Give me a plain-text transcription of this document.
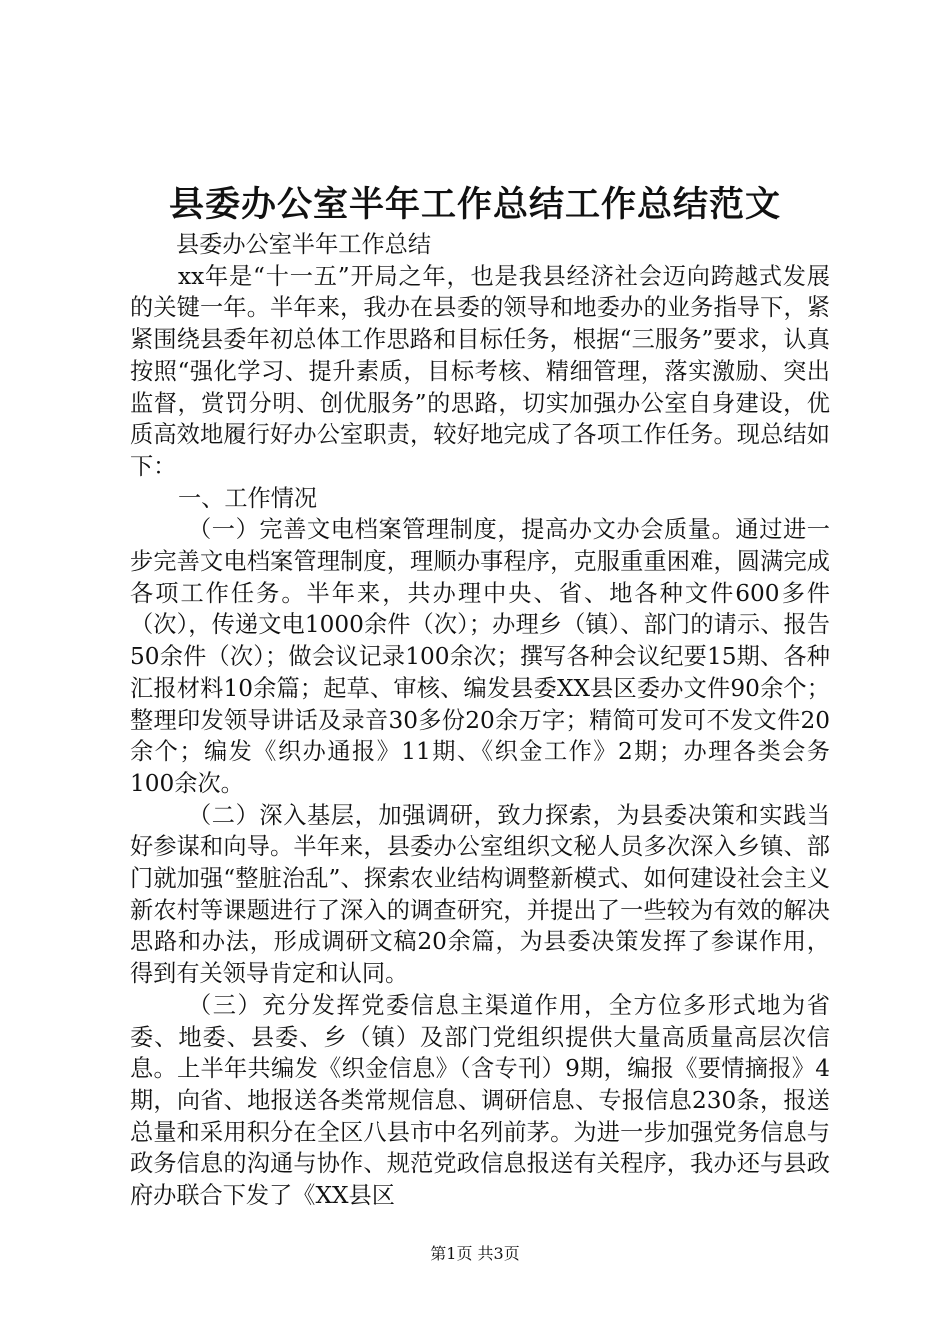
县委办公室半年工作总结工作总结范文

县委办公室半年工作总结

xx年是“十一五”开局之年，也是我县经济社会迈向跨越式发展的关键一年。半年来，我办在县委的领导和地委办的业务指导下，紧紧围绕县委年初总体工作思路和目标任务，根据“三服务”要求，认真按照“强化学习、提升素质，目标考核、精细管理，落实激励、突出监督，赏罚分明、创优服务”的思路，切实加强办公室自身建设，优质高效地履行好办公室职责，较好地完成了各项工作任务。现总结如下：

一、工作情况

（一）完善文电档案管理制度，提高办文办会质量。通过进一步完善文电档案管理制度，理顺办事程序，克服重重困难，圆满完成各项工作任务。半年来，共办理中央、省、地各种文件600多件（次），传递文电1000余件（次）；办理乡（镇）、部门的请示、报告50余件（次）；做会议记录100余次；撰写各种会议纪要15期、各种汇报材料10余篇；起草、审核、编发县委XX县区委办文件90余个；整理印发领导讲话及录音30多份20余万字；精简可发可不发文件20余个；编发《织办通报》11期、《织金工作》2期；办理各类会务100余次。

（二）深入基层，加强调研，致力探索，为县委决策和实践当好参谋和向导。半年来，县委办公室组织文秘人员多次深入乡镇、部门就加强“整脏治乱”、探索农业结构调整新模式、如何建设社会主义新农村等课题进行了深入的调查研究，并提出了一些较为有效的解决思路和办法，形成调研文稿20余篇，为县委决策发挥了参谋作用，得到有关领导肯定和认同。

（三）充分发挥党委信息主渠道作用，全方位多形式地为省委、地委、县委、乡（镇）及部门党组织提供大量高质量高层次信息。上半年共编发《织金信息》（含专刊）9期，编报《要情摘报》4期，向省、地报送各类常规信息、调研信息、专报信息230条，报送总量和采用积分在全区八县市中名列前茅。为进一步加强党务信息与政务信息的沟通与协作、规范党政信息报送有关程序，我办还与县政府办联合下发了《XX县区

第1页 共3页
